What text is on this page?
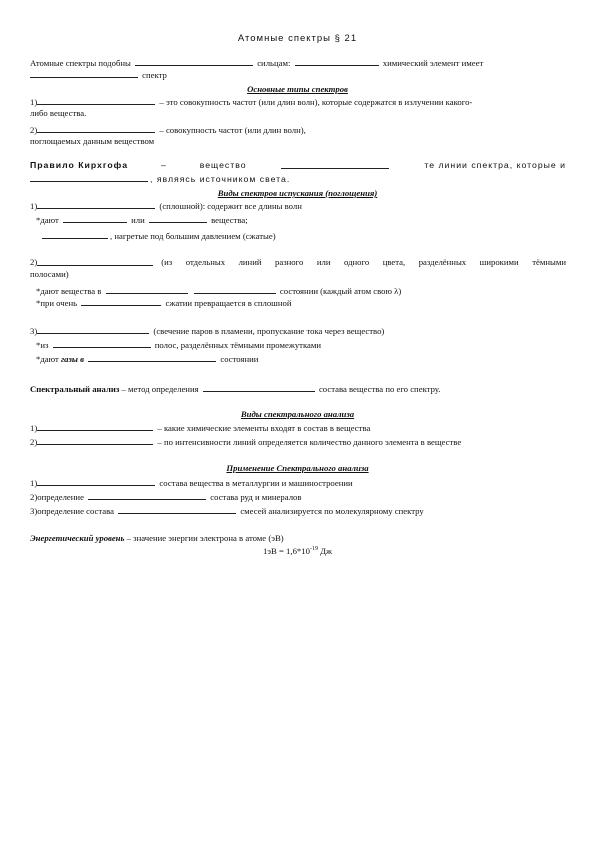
Атомные спектры § 21
Атомные спектры подобны	сильцам:	химический элемент имеет
спектр
Основные типы спектров
1)	– это совокупность частот (или длин волн), которые содержатся в излучении какого-
либо вещества.
2)	– совокупность частот (или длин волн),
поглощаемых данным веществом
Правило Кирхгофа	–	вещество	те линии спектра, которые и
, являясь источником света.
Виды спектров испускания (поглощения)
1)	(сплошной): содержит все длины волн
*дают	или	вещества;
, нагретые под большим давлением (сжатые)
2)	(из отдельных линий разного или одного цвета, разделённых широкими тёмными
полосами)
*дают вещества в	состоянии (каждый атом свою λ)
*при очень	сжатии превращается в сплошной
3)	(свечение паров в пламени, пропускание тока через вещество)
*из	полос, разделённых тёмными промежутками
*дают газы в	состоянии
Спектральный анализ – метод определения	состава вещества по его спектру.
Виды спектрального анализа
1)	– какие химические элементы входят в состав в вещества
2)	– по интенсивности линий определяется количество данного элемента в веществе
Применение Спектрального анализа
1)	состава вещества в металлургии и машиностроении
2)определение	состава руд и минералов
3)определение состава	смесей анализируется по молекулярному спектру
Энергетический уровень – значение энергии электрона в атоме (эВ)
$1эВ = 1,6*10^{-19}$ Дж
